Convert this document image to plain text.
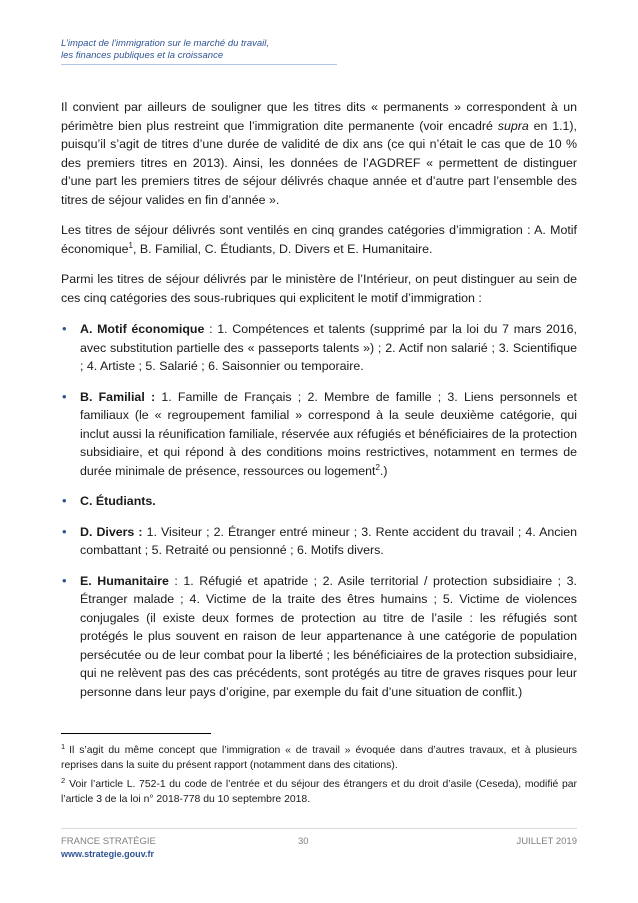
L’impact de l’immigration sur le marché du travail,
les finances publiques et la croissance

Il convient par ailleurs de souligner que les titres dits « permanents » correspondent à un périmètre bien plus restreint que l’immigration dite permanente (voir encadré supra en 1.1), puisqu’il s’agit de titres d’une durée de validité de dix ans (ce qui n’était le cas que de 10 % des premiers titres en 2013). Ainsi, les données de l’AGDREF « permettent de distinguer d’une part les premiers titres de séjour délivrés chaque année et d’autre part l’ensemble des titres de séjour valides en fin d’année ».

Les titres de séjour délivrés sont ventilés en cinq grandes catégories d’immigration : A. Motif économique$^1$, B. Familial, C. Étudiants, D. Divers et E. Humanitaire.

Parmi les titres de séjour délivrés par le ministère de l’Intérieur, on peut distinguer au sein de ces cinq catégories des sous-rubriques qui explicitent le motif d’immigration :

• A. Motif économique : 1. Compétences et talents (supprimé par la loi du 7 mars 2016, avec substitution partielle des « passeports talents ») ; 2. Actif non salarié ; 3. Scientifique ; 4. Artiste ; 5. Salarié ; 6. Saisonnier ou temporaire.
• B. Familial : 1. Famille de Français ; 2. Membre de famille ; 3. Liens personnels et familiaux (le « regroupement familial » correspond à la seule deuxième catégorie, qui inclut aussi la réunification familiale, réservée aux réfugiés et bénéficiaires de la protection subsidiaire, et qui répond à des conditions moins restrictives, notamment en termes de durée minimale de présence, ressources ou logement$^2$.)
• C. Étudiants.
• D. Divers : 1. Visiteur ; 2. Étranger entré mineur ; 3. Rente accident du travail ; 4. Ancien combattant ; 5. Retraité ou pensionné ; 6. Motifs divers.
• E. Humanitaire : 1. Réfugié et apatride ; 2. Asile territorial / protection subsidiaire ; 3. Étranger malade ; 4. Victime de la traite des êtres humains ; 5. Victime de violences conjugales (il existe deux formes de protection au titre de l’asile : les réfugiés sont protégés le plus souvent en raison de leur appartenance à une catégorie de population persécutée ou de leur combat pour la liberté ; les bénéficiaires de la protection subsidiaire, qui ne relèvent pas des cas précédents, sont protégés au titre de graves risques pour leur personne dans leur pays d’origine, par exemple du fait d’une situation de conflit.)

$^1$ Il s’agit du même concept que l’immigration « de travail » évoquée dans d’autres travaux, et à plusieurs reprises dans la suite du présent rapport (notamment dans des citations).

$^2$ Voir l’article L. 752-1 du code de l’entrée et du séjour des étrangers et du droit d’asile (Ceseda), modifié par l’article 3 de la loi n° 2018-778 du 10 septembre 2018.

FRANCE STRATÉGIE
www.strategie.gouv.fr
30	JUILLET 2019
